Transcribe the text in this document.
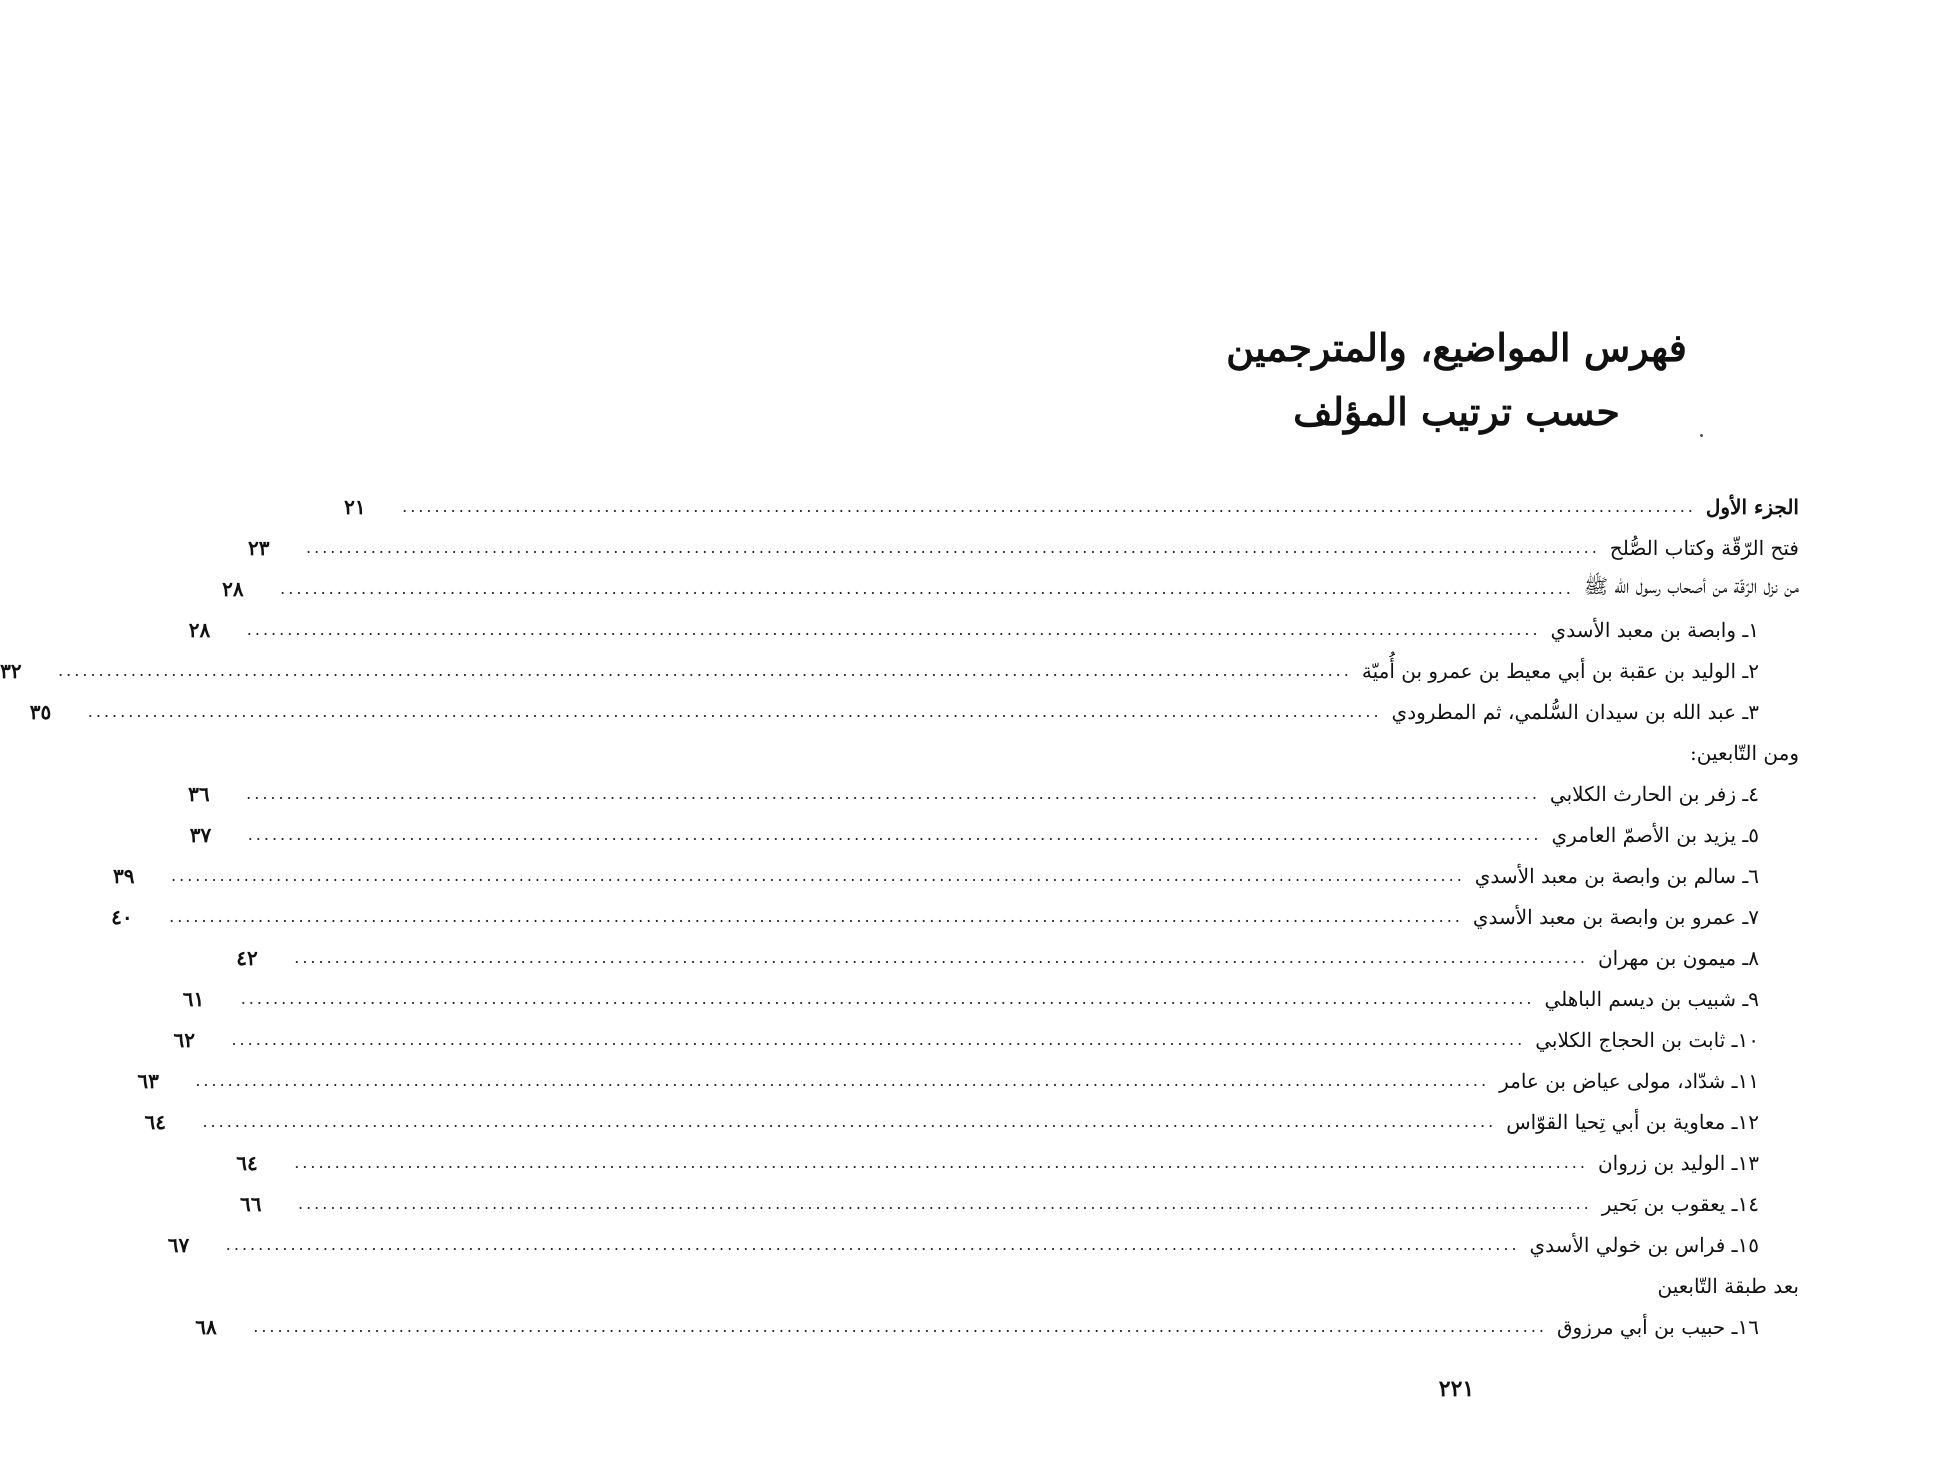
فهرس المواضيع، والمترجمين
حسب ترتيب المؤلف
الجزء الأول
................................................................................................................................................................
٢١
فتح الرّقّة وكتاب الصُّلح
................................................................................................................................................................
٢٣
من نزل الرّقّة من أصحاب رسول الله ﷺ
................................................................................................................................................................
٢٨
١ـ وابصة بن معبد الأسدي
................................................................................................................................................................
٢٨
٢ـ الوليد بن عقبة بن أبي معيط بن عمرو بن أُميّة
................................................................................................................................................................
٣٢
٣ـ عبد الله بن سيدان السُّلمي، ثم المطرودي
................................................................................................................................................................
٣٥
ومن التّابعين:
٤ـ زفر بن الحارث الكلابي
................................................................................................................................................................
٣٦
٥ـ يزيد بن الأصمّ العامري
................................................................................................................................................................
٣٧
٦ـ سالم بن وابصة بن معبد الأسدي
................................................................................................................................................................
٣٩
٧ـ عمرو بن وابصة بن معبد الأسدي
................................................................................................................................................................
٤٠
٨ـ ميمون بن مهران
................................................................................................................................................................
٤٢
٩ـ شبيب بن ديسم الباهلي
................................................................................................................................................................
٦١
١٠ـ ثابت بن الحجاج الكلابي
................................................................................................................................................................
٦٢
١١ـ شدّاد، مولى عياض بن عامر
................................................................................................................................................................
٦٣
١٢ـ معاوية بن أبي تِحيا القوّاس
................................................................................................................................................................
٦٤
١٣ـ الوليد بن زروان
................................................................................................................................................................
٦٤
١٤ـ يعقوب بن بَحير
................................................................................................................................................................
٦٦
١٥ـ فراس بن خولي الأسدي
................................................................................................................................................................
٦٧
بعد طبقة التّابعين
١٦ـ حبيب بن أبي مرزوق
................................................................................................................................................................
٦٨
٢٢١
